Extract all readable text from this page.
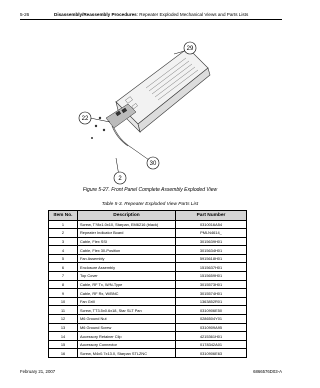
5-26	Disassembly/Reassembly Procedures: Repeater Exploded Mechanical Views and Parts Lists
29
22
30
2
Figure 5-27. Front Panel Complete Assembly Exploded View
Table 5-3. Repeater Exploded View Parts List
Item No.	Description	Part Number
1	Screw, T?8x1.0x10, Starpan, EM6216 (black)	0310016A54
2	Repeater Indicator Board	PMLN4614_
3	Cable, Flex SSI	3015639H01
4	Cable, Flex 30-Position	3015634H01
5	Fan Assembly	5915618H01
6	Enclosure Assembly	1515637H01
7	Top Cover	1515659H01
8	Cable, RF Tx, W/N-Type	3015573H01
9	Cable, RF Rx, W/BNC	3015574H01
10	Fan Grill	1363852R01
11	Screw, TT3.5x0.6x18, Star SLT Pan	0310906E50
12	M6 Ground Nut	0286504Y01
13	M6 Ground Screw	0310909A95
14	Accessory Retainer Clip	4215361H01
15	Accessory Connector	0178342A01
16	Screw, M4x0.7x13.0, Starpan STLZNC	0310906E63
February 21, 2007	6866576D03-A
